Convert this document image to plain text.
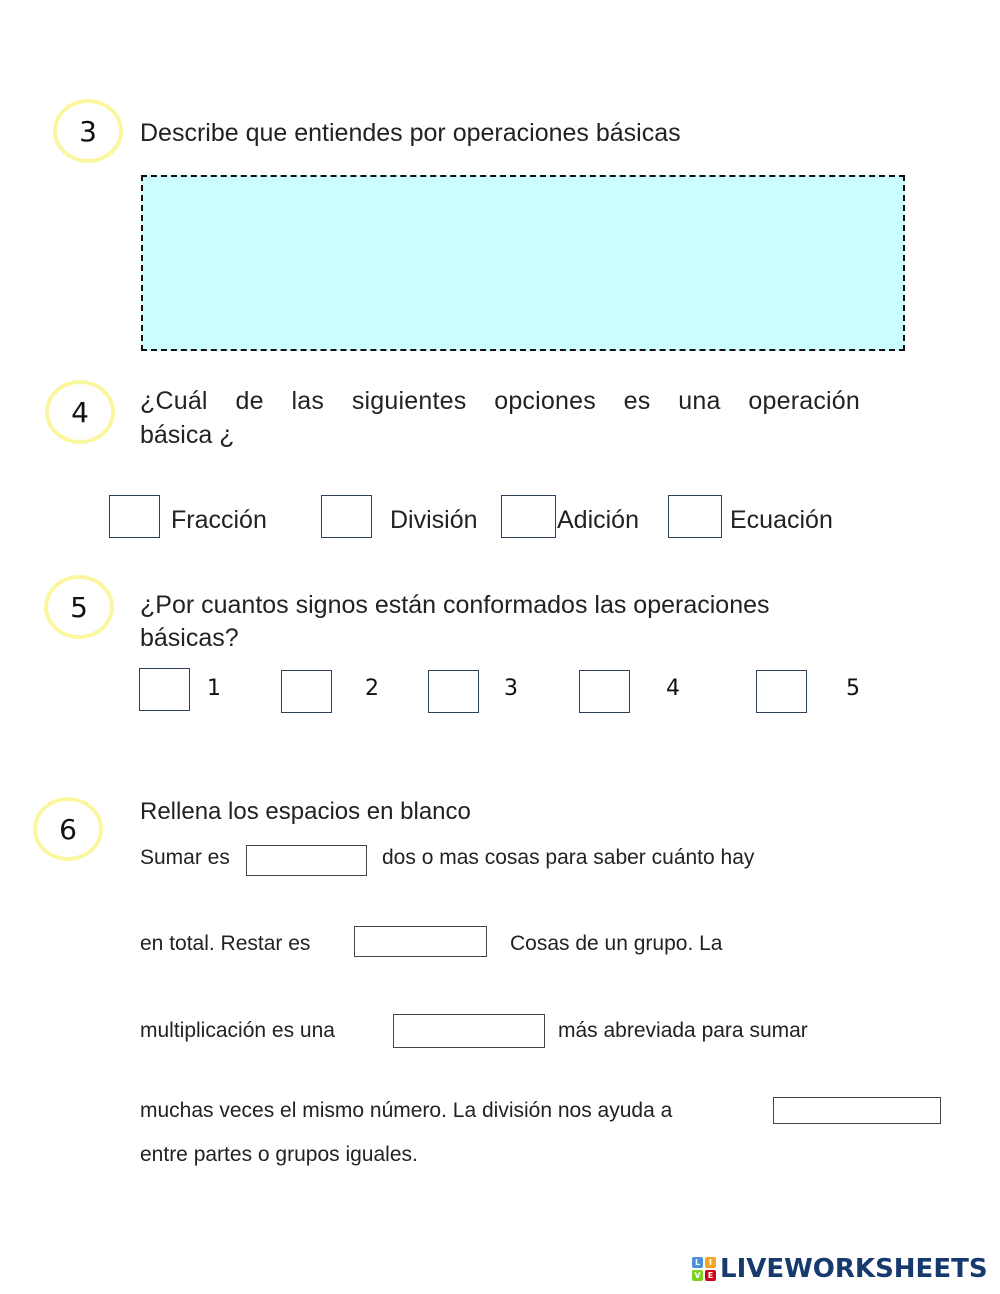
3 Describe que entiendes por operaciones básicas
4 ¿Cuál de las siguientes opciones es una operación
básica ¿
Fracción	División	Adición	Ecuación
5 ¿Por cuantos signos están conformados las operaciones
básicas?
1	2	3	4	5
6
Rellena los espacios en blanco
Sumar es	dos o mas cosas para saber cuánto hay
en total. Restar es	Cosas de un grupo. La
multiplicación es una	más abreviada para sumar
muchas veces el mismo número. La división nos ayuda a
entre partes o grupos iguales.
L	I
V E LIVEWORKSHEETS
